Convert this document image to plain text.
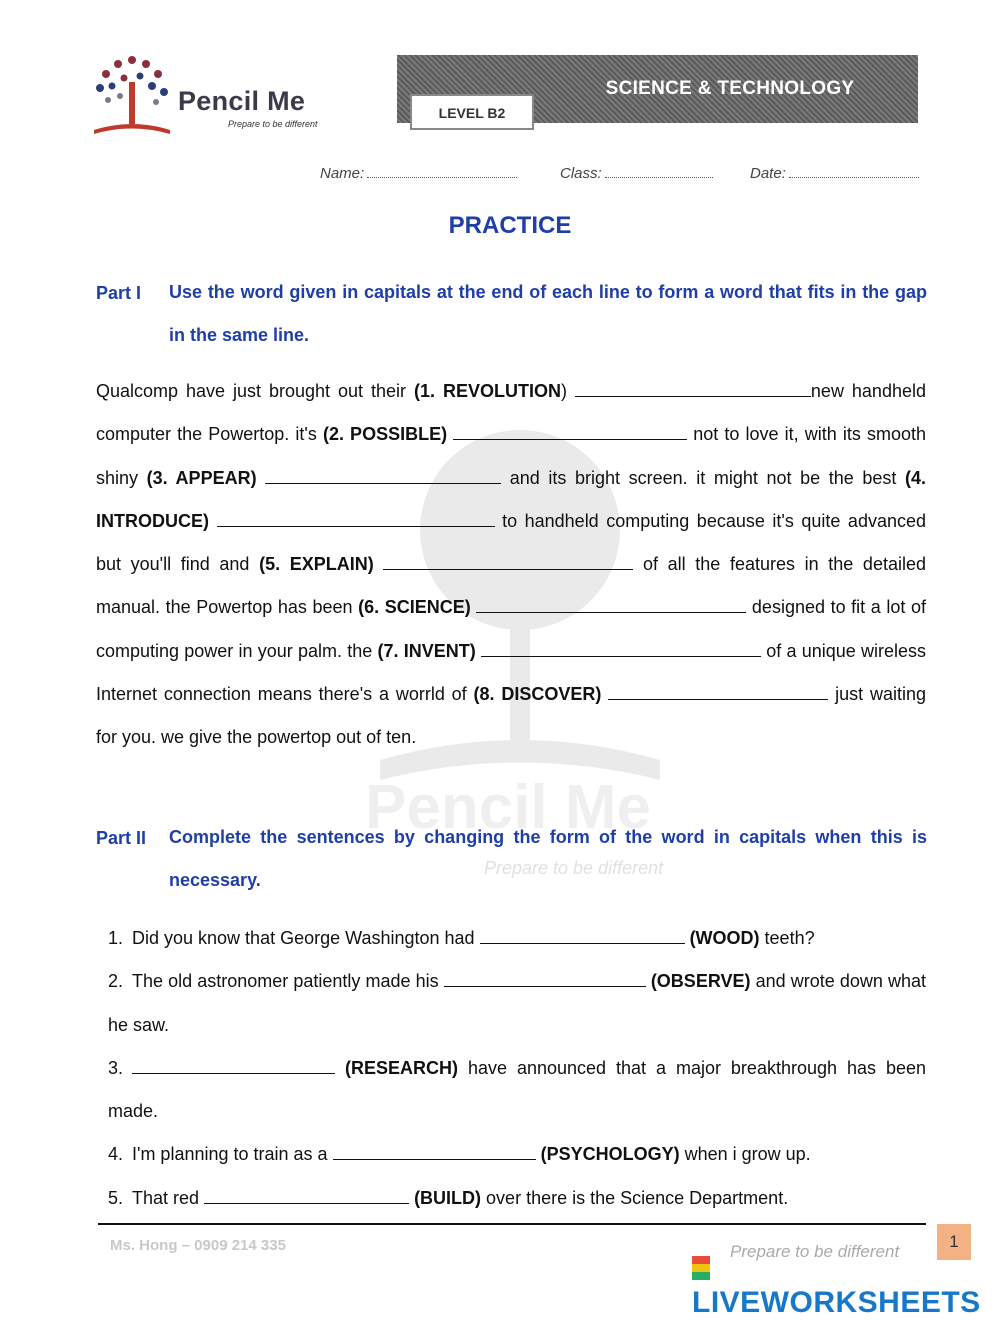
Pencil Me
Prepare to be different
Pencil Me
Prepare to be different
SCIENCE & TECHNOLOGY
LEVEL B2
Name:	Class:	Date:
PRACTICE
Part I Use the word given in capitals at the end of each line to form a word that fits in the gap in the same line.
Qualcomp have just brought out their (1. REVOLUTION)	new handheld computer the Powertop. it's (2. POSSIBLE)	not to love it, with its smooth shiny (3. APPEAR)	and its bright screen. it might not be the best (4. INTRODUCE)	to handheld computing because it's quite advanced but you'll find and (5. EXPLAIN)	of all the features in the detailed manual. the Powertop has been (6. SCIENCE)	designed to fit a lot of computing power in your palm. the (7. INVENT)	of a unique wireless Internet connection means there's a worrld of (8. DISCOVER)	just waiting for you. we give the powertop out of ten.
Part II Complete the sentences by changing the form of the word in capitals when this is necessary.
1. Did you know that George Washington had	(WOOD) teeth?
2. The old astronomer patiently made his	(OBSERVE) and wrote down what he saw.
3.	(RESEARCH) have announced that a major breakthrough has been made.
4. I'm planning to train as a	(PSYCHOLOGY) when i grow up.
5. That red	(BUILD) over there is the Science Department.
Ms. Hong – 0909 214 335	Prepare to be different
1
LIVEWORKSHEETS
